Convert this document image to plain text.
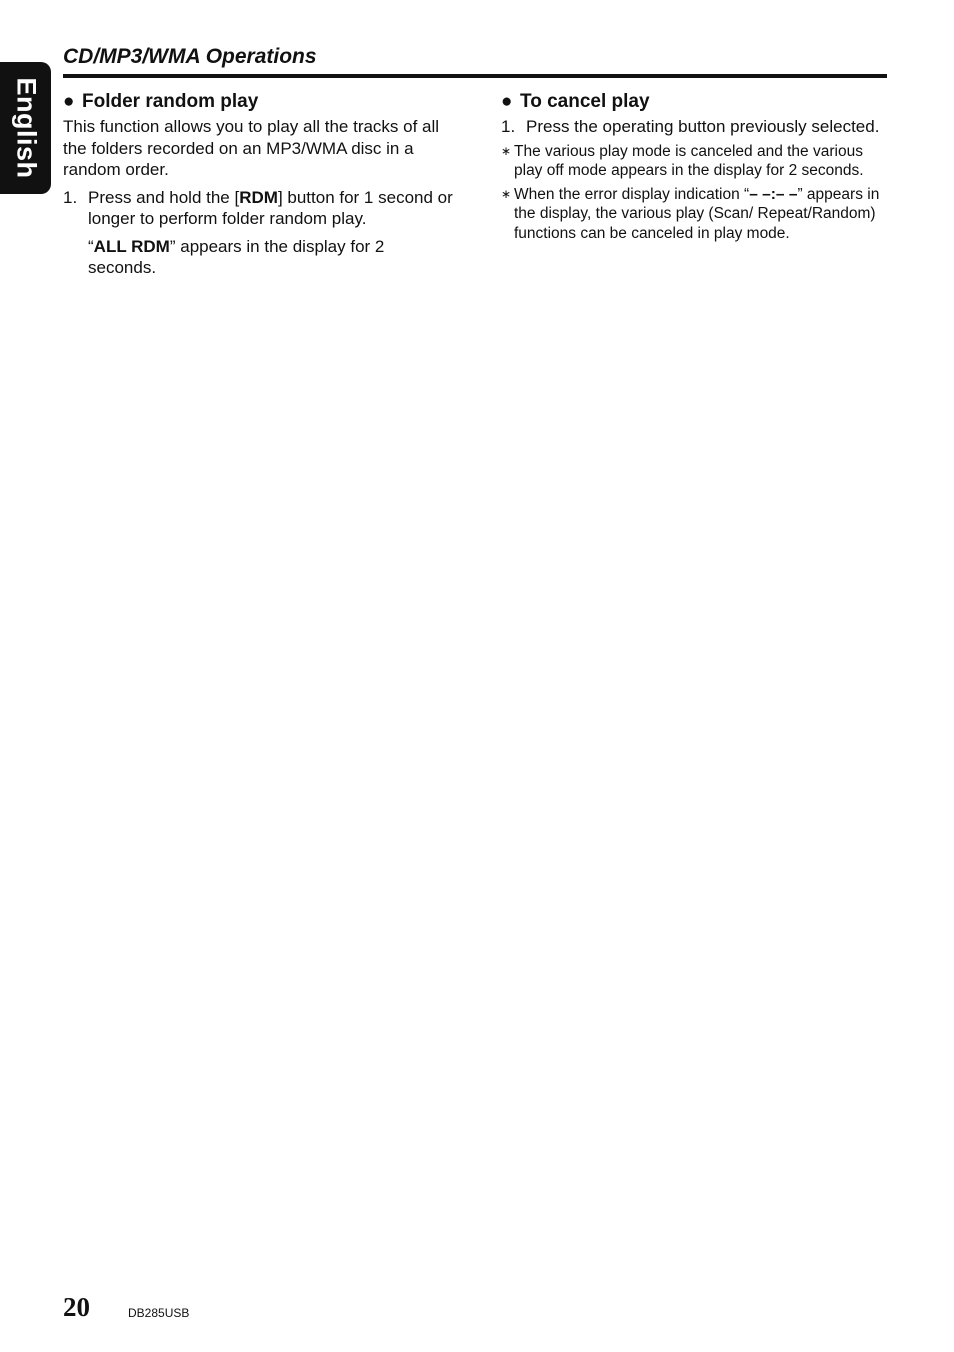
English
CD/MP3/WMA Operations
● Folder random play

This function allows you to play all the tracks of all the folders recorded on an MP3/WMA disc in a random order.

1. Press and hold the [RDM] button for 1 second or longer to perform folder random play.
“ALL RDM” appears in the display for 2 seconds.
● To cancel play
1. Press the operating button previously selected.
∗ The various play mode is canceled and the various play off mode appears in the display for 2 seconds.
∗ When the error display indication “– –:– –” appears in the display, the various play (Scan/ Repeat/Random) functions can be canceled in play mode.
20	DB285USB
